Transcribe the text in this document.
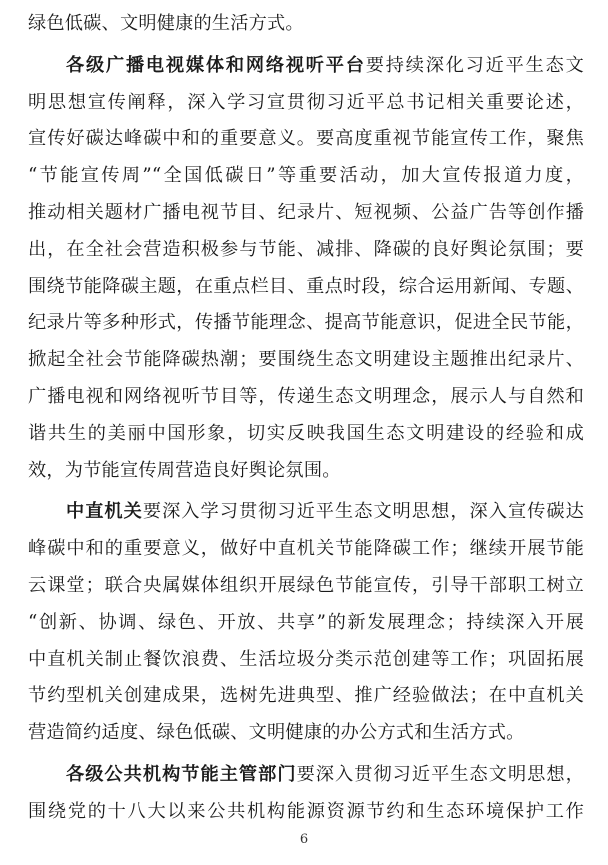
绿色低碳、文明健康的生活方式。
各级广播电视媒体和网络视听平台要持续深化习近平生态文
明思想宣传阐释，深入学习宣贯彻习近平总书记相关重要论述，
宣传好碳达峰碳中和的重要意义。要高度重视节能宣传工作，聚焦
“节能宣传周”“全国低碳日”等重要活动，加大宣传报道力度，
推动相关题材广播电视节目、纪录片、短视频、公益广告等创作播
出，在全社会营造积极参与节能、减排、降碳的良好舆论氛围；要
围绕节能降碳主题，在重点栏目、重点时段，综合运用新闻、专题、
纪录片等多种形式，传播节能理念、提高节能意识，促进全民节能，
掀起全社会节能降碳热潮；要围绕生态文明建设主题推出纪录片、
广播电视和网络视听节目等，传递生态文明理念，展示人与自然和
谐共生的美丽中国形象，切实反映我国生态文明建设的经验和成
效，为节能宣传周营造良好舆论氛围。
中直机关要深入学习贯彻习近平生态文明思想，深入宣传碳达
峰碳中和的重要意义，做好中直机关节能降碳工作；继续开展节能
云课堂；联合央属媒体组织开展绿色节能宣传，引导干部职工树立
“创新、协调、绿色、开放、共享”的新发展理念；持续深入开展
中直机关制止餐饮浪费、生活垃圾分类示范创建等工作；巩固拓展
节约型机关创建成果，选树先进典型、推广经验做法；在中直机关
营造简约适度、绿色低碳、文明健康的办公方式和生活方式。
各级公共机构节能主管部门要深入贯彻习近平生态文明思想，
围绕党的十八大以来公共机构能源资源节约和生态环境保护工作
6
